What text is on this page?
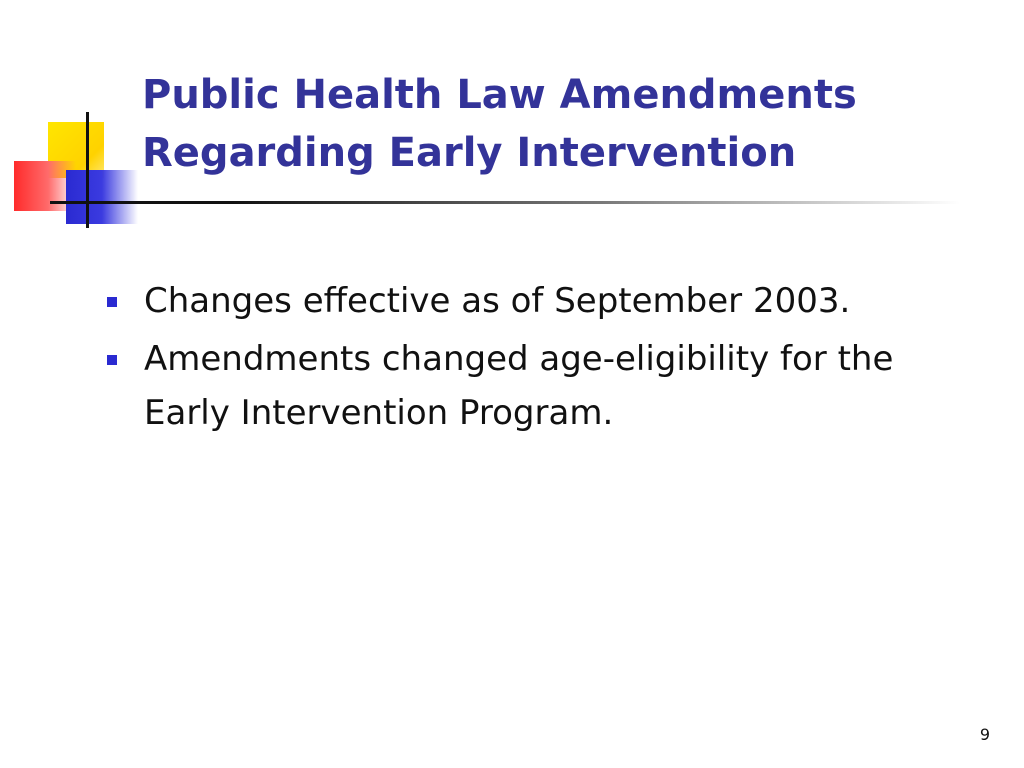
Public Health Law Amendments
Regarding Early Intervention
Changes effective as of September 2003.
Amendments changed age-eligibility for the Early Intervention Program.
9
